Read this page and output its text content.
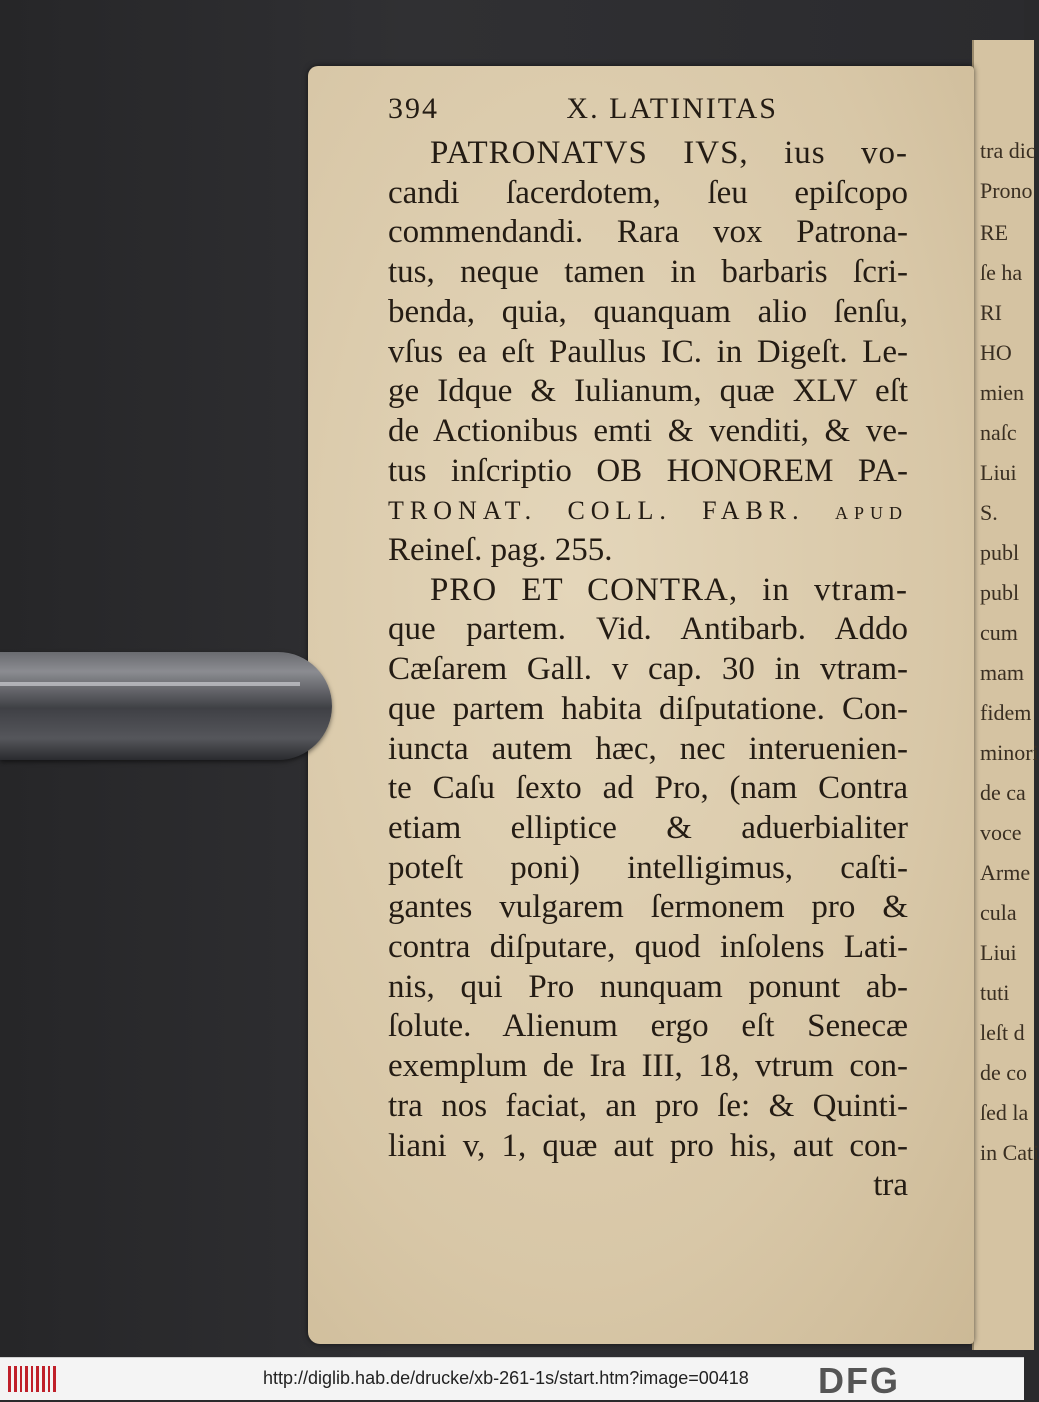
tra dic
Prono
RE
ſe ha
RI
HO
mien
naſc
Liui
S.
publ
publ
cum
mam
fidem
minori
de ca
voce
Arme
cula
Liui
tuti
leſt d
de co
ſed la
in Cati
394	X. LATINITAS
PATRONATVS IVS, ius vo-
candi ſacerdotem, ſeu epiſcopo
commendandi. Rara vox Patrona-
tus, neque tamen in barbaris ſcri-
benda, quia, quanquam alio ſenſu,
vſus ea eſt Paullus IC. in Digeſt. Le-
ge Idque & Iulianum, quæ XLV eſt
de Actionibus emti & venditi, & ve-
tus inſcriptio OB HONOREM PA-
TRONAT. COLL. FABR. apud
Reineſ. pag. 255.
PRO ET CONTRA, in vtram-
que partem. Vid. Antibarb. Addo
Cæſarem Gall. v cap. 30 in vtram-
que partem habita diſputatione. Con-
iuncta autem hæc, nec interuenien-
te Caſu ſexto ad Pro, (nam Contra
etiam elliptice & aduerbialiter
poteſt poni) intelligimus, caſti-
gantes vulgarem ſermonem pro &
contra diſputare, quod inſolens Lati-
nis, qui Pro nunquam ponunt ab-
ſolute. Alienum ergo eſt Senecæ
exemplum de Ira III, 18, vtrum con-
tra nos faciat, an pro ſe: & Quinti-
liani v, 1, quæ aut pro his, aut con-
tra
http://diglib.hab.de/drucke/xb-261-1s/start.htm?image=00418 DFG
